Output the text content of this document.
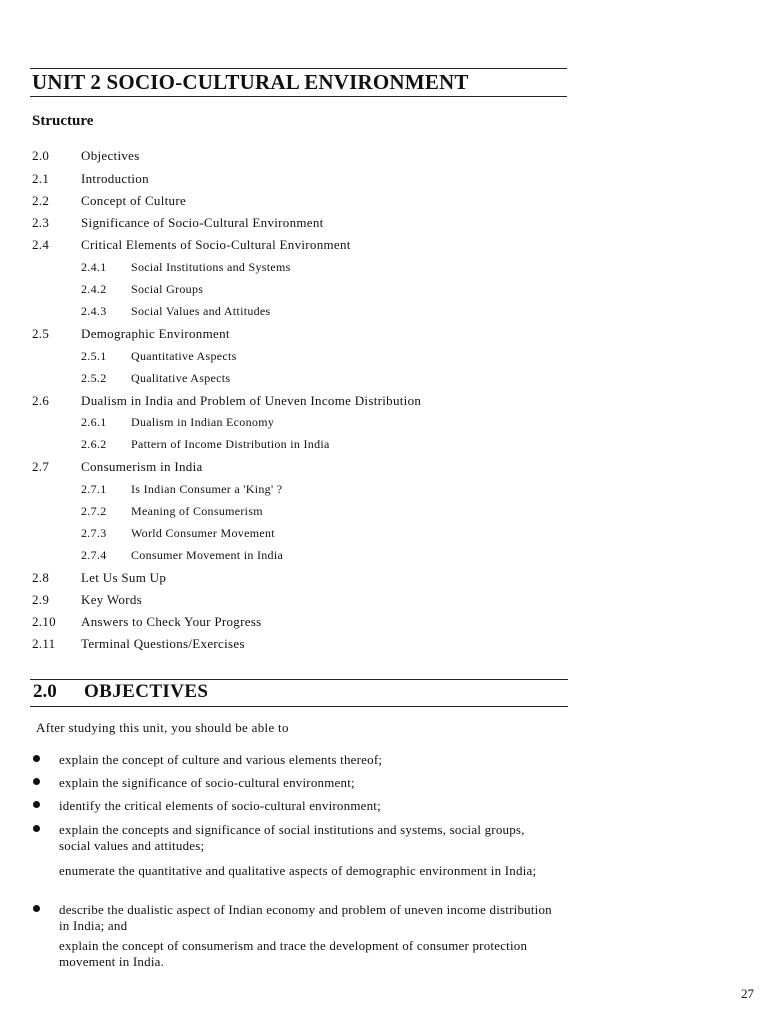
UNIT 2 SOCIO-CULTURAL ENVIRONMENT
Structure
2.0 Objectives
2.1 Introduction
2.2 Concept of Culture
2.3 Significance of Socio-Cultural Environment
2.4 Critical Elements of Socio-Cultural Environment
2.4.1 Social Institutions and Systems
2.4.2 Social Groups
2.4.3 Social Values and Attitudes
2.5 Demographic Environment
2.5.1 Quantitative Aspects
2.5.2 Qualitative Aspects
2.6 Dualism in India and Problem of Uneven Income Distribution
2.6.1 Dualism in Indian Economy
2.6.2 Pattern of Income Distribution in India
2.7 Consumerism in India
2.7.1 Is Indian Consumer a 'King' ?
2.7.2 Meaning of Consumerism
2.7.3 World Consumer Movement
2.7.4 Consumer Movement in India
2.8 Let Us Sum Up
2.9 Key Words
2.10 Answers to Check Your Progress
2.11 Terminal Questions/Exercises
2.0 OBJECTIVES
After studying this unit, you should be able to
explain the concept of culture and various elements thereof;
explain the significance of socio-cultural environment;
identify the critical elements of socio-cultural environment;
explain the concepts and significance of social institutions and systems, social groups, social values and attitudes;
enumerate the quantitative and qualitative aspects of demographic environment in India;
describe the dualistic aspect of Indian economy and problem of uneven income distribution in India; and
explain the concept of consumerism and trace the development of consumer protection movement in India.
27
